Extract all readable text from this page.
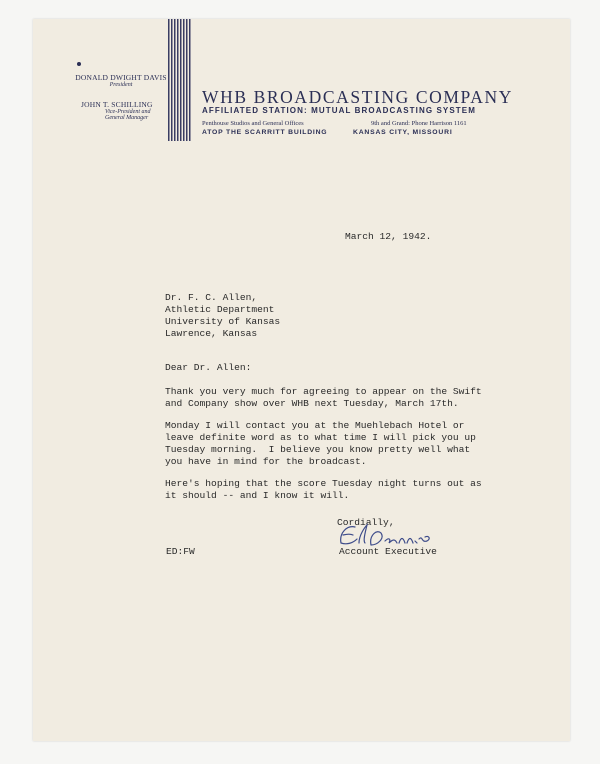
DONALD DWIGHT DAVIS
President
JOHN T. SCHILLING
Vice-President and General Manager
WHB BROADCASTING COMPANY
AFFILIATED STATION: MUTUAL BROADCASTING SYSTEM
Penthouse Studios and General Offices
ATOP THE SCARRITT BUILDING
9th and Grand: Phone Harrison 1161
KANSAS CITY, MISSOURI
March 12, 1942.
Dr. F. C. Allen,
Athletic Department
University of Kansas
Lawrence, Kansas
Dear Dr. Allen:
Thank you very much for agreeing to appear on the Swift
and Company show over WHB next Tuesday, March 17th.
Monday I will contact you at the Muehlebach Hotel or
leave definite word as to what time I will pick you up
Tuesday morning.  I believe you know pretty well what
you have in mind for the broadcast.
Here's hoping that the score Tuesday night turns out as
it should -- and I know it will.
Cordially,
Account Executive
ED:FW
